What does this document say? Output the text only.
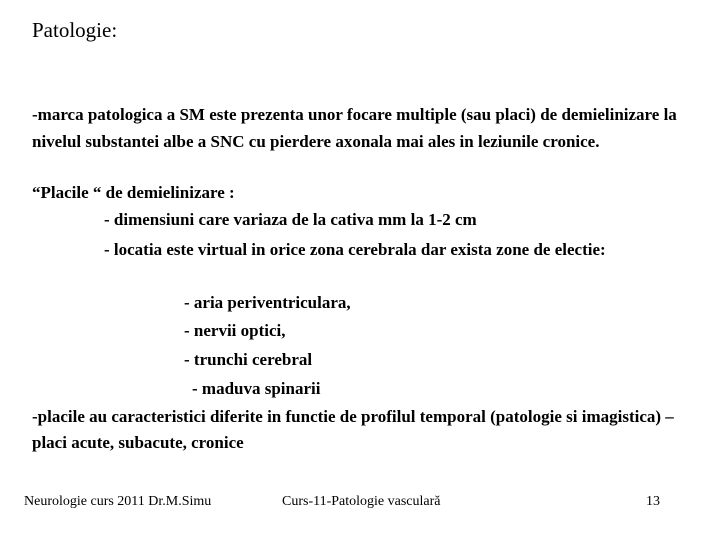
Patologie:

-marca patologica a SM este prezenta unor focare multiple (sau placi) de demielinizare la nivelul substantei albe a SNC cu pierdere axonala mai ales in leziunile cronice.

“Placile “ de demielinizare :

- dimensiuni care variaza de la cativa mm la 1-2 cm

- locatia este virtual in orice zona cerebrala dar exista zone de electie:

- aria periventriculara,

- nervii optici,

- trunchi cerebral

- maduva spinarii

-placile au caracteristici diferite in functie de profilul temporal (patologie si imagistica) – placi acute, subacute, cronice

Neurologie curs 2011 Dr.M.Simu	Curs-11-Patologie vasculară	13
